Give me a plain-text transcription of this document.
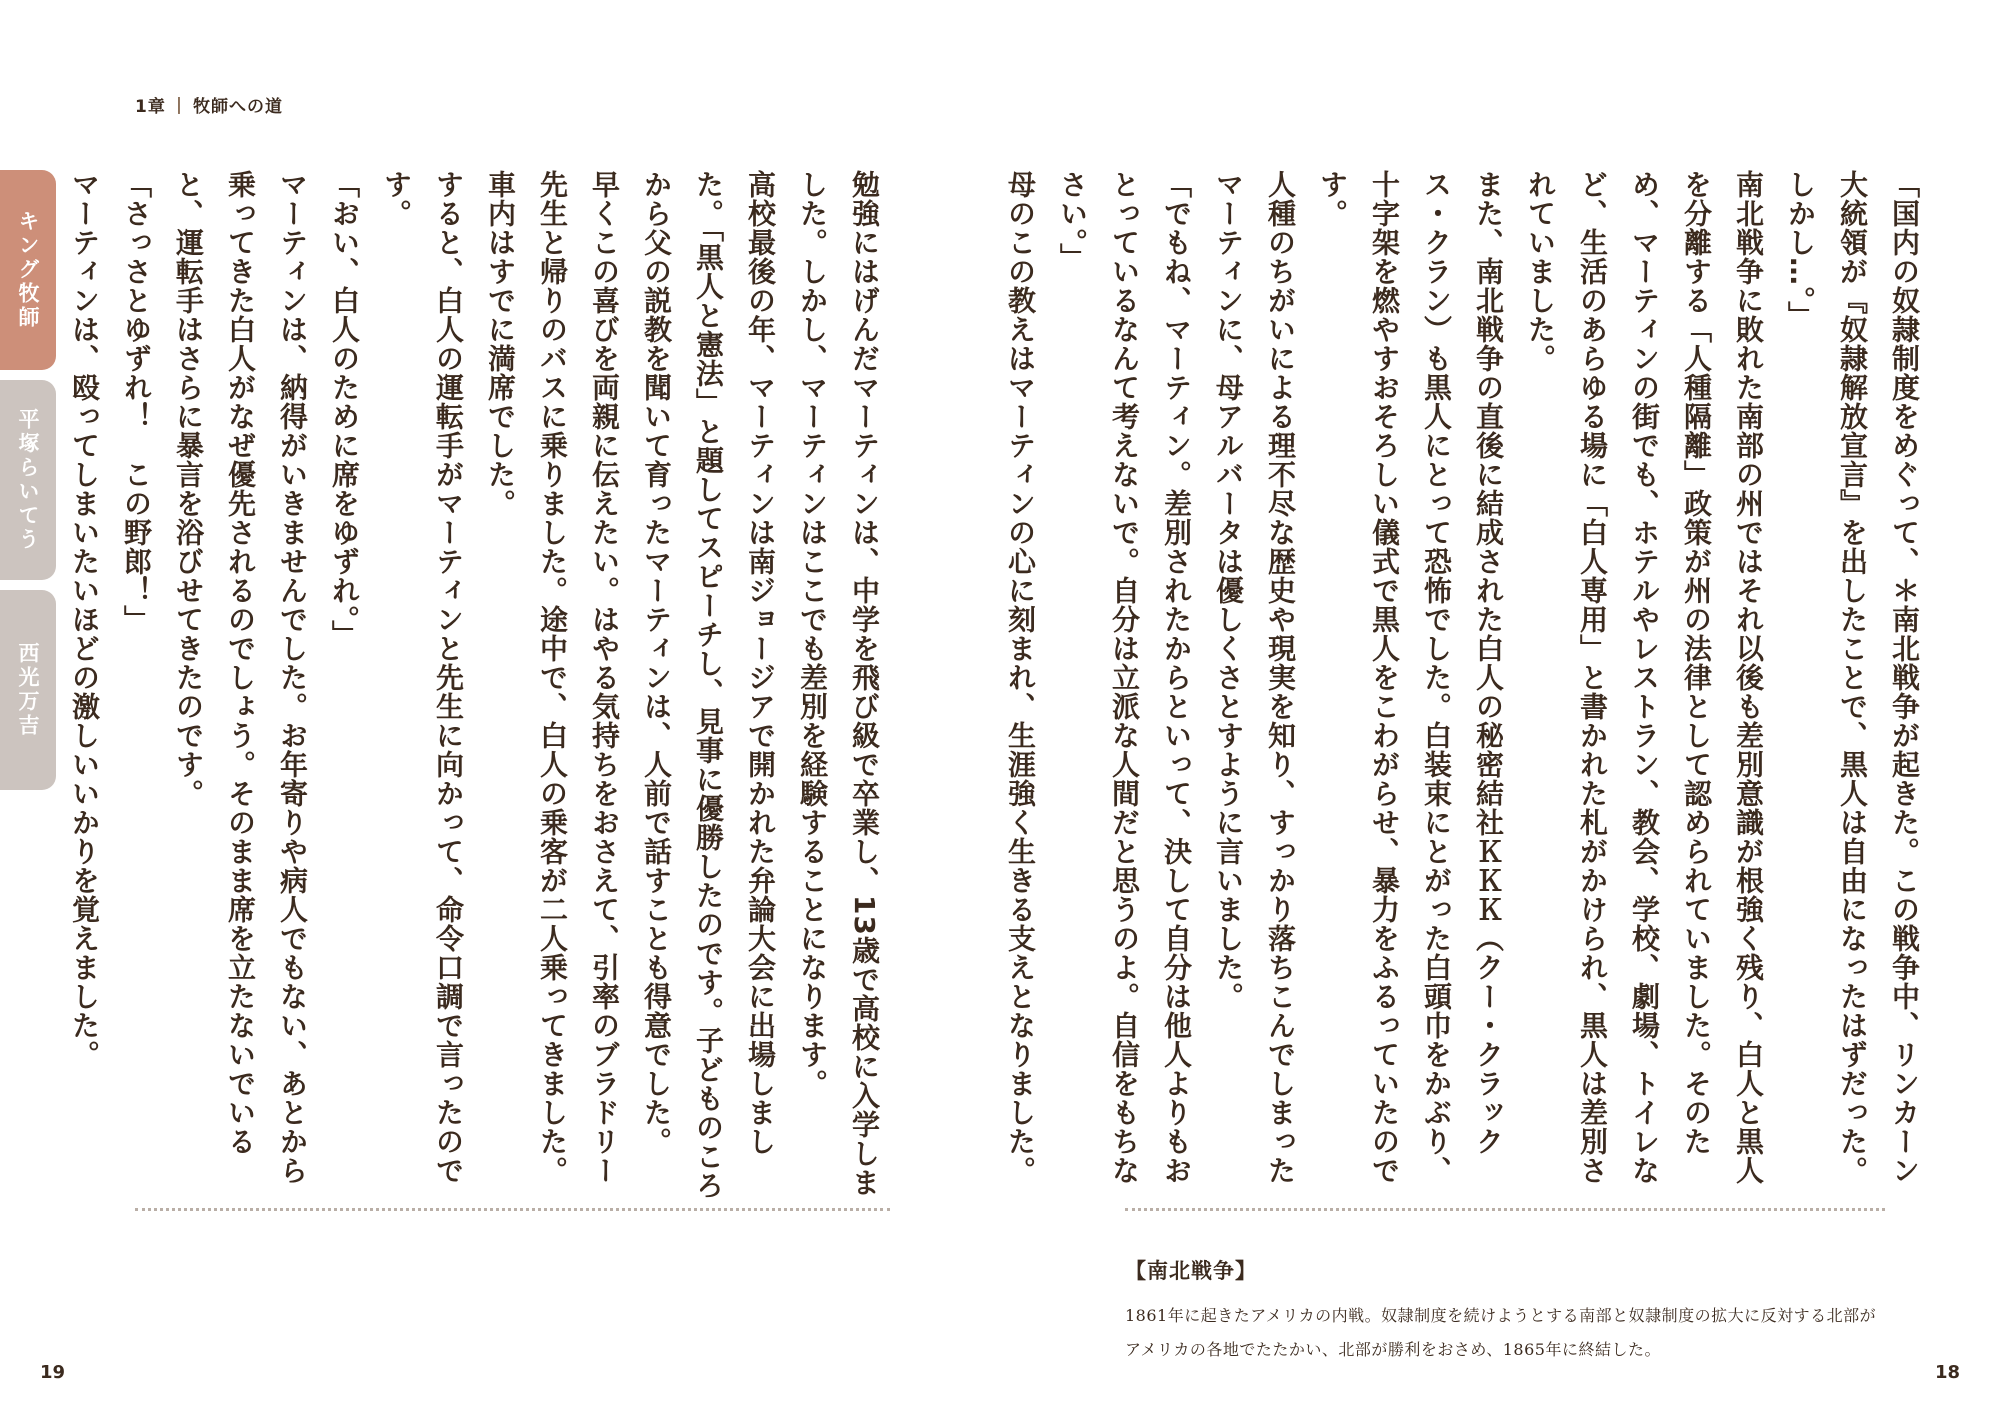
1章 | 牧師への道
キング牧師
平塚らいてう
西光万吉	勉強にはげんだマーティンは、中学を飛び級で卒業し、13歳で高校に入学しました。しかし、マーティンはここでも差別を経験することになります。

高校最後の年、マーティンは南ジョージアで開かれた弁論大会に出場しました。「黒人と憲法」と題してスピーチし、見事に優勝したのです。子どものころから父の説教を聞いて育ったマーティンは、人前で話すことも得意でした。

早くこの喜びを両親に伝えたい。はやる気持ちをおさえて、引率のブラドリー先生と帰りのバスに乗りました。途中で、白人の乗客が二人乗ってきました。車内はすでに満席でした。

すると、白人の運転手がマーティンと先生に向かって、命令口調で言ったのです。

「おい、白人のために席をゆずれ。」

マーティンは、納得がいきませんでした。お年寄りや病人でもない、あとから乗ってきた白人がなぜ優先されるのでしょう。そのまま席を立たないでいると、運転手はさらに暴言を浴びせてきたのです。

「さっさとゆずれ！　この野郎！」

マーティンは、殴ってしまいたいほどの激しいいかりを覚えました。	「国内の奴隷制度をめぐって、＊南北戦争が起きた。この戦争中、リンカーン大統領が『奴隷解放宣言』を出したことで、黒人は自由になったはずだった。しかし…。」

南北戦争に敗れた南部の州ではそれ以後も差別意識が根強く残り、白人と黒人を分離する「人種隔離」政策が州の法律として認められていました。そのため、マーティンの街でも、ホテルやレストラン、教会、学校、劇場、トイレなど、生活のあらゆる場に「白人専用」と書かれた札がかけられ、黒人は差別されていました。

また、南北戦争の直後に結成された白人の秘密結社ＫＫＫ（クー・クラックス・クラン）も黒人にとって恐怖でした。白装束にとがった白頭巾をかぶり、十字架を燃やすおそろしい儀式で黒人をこわがらせ、暴力をふるっていたのです。

人種のちがいによる理不尽な歴史や現実を知り、すっかり落ちこんでしまったマーティンに、母アルバータは優しくさとすように言いました。

「でもね、マーティン。差別されたからといって、決して自分は他人よりもおとっているなんて考えないで。自分は立派な人間だと思うのよ。自信をもちなさい。」

母のこの教えはマーティンの心に刻まれ、生涯強く生きる支えとなりました。

【南北戦争】
1861年に起きたアメリカの内戦。奴隷制度を続けようとする南部と奴隷制度の拡大に反対する北部がアメリカの各地でたたかい、北部が勝利をおさめ、1865年に終結した。
19	18
